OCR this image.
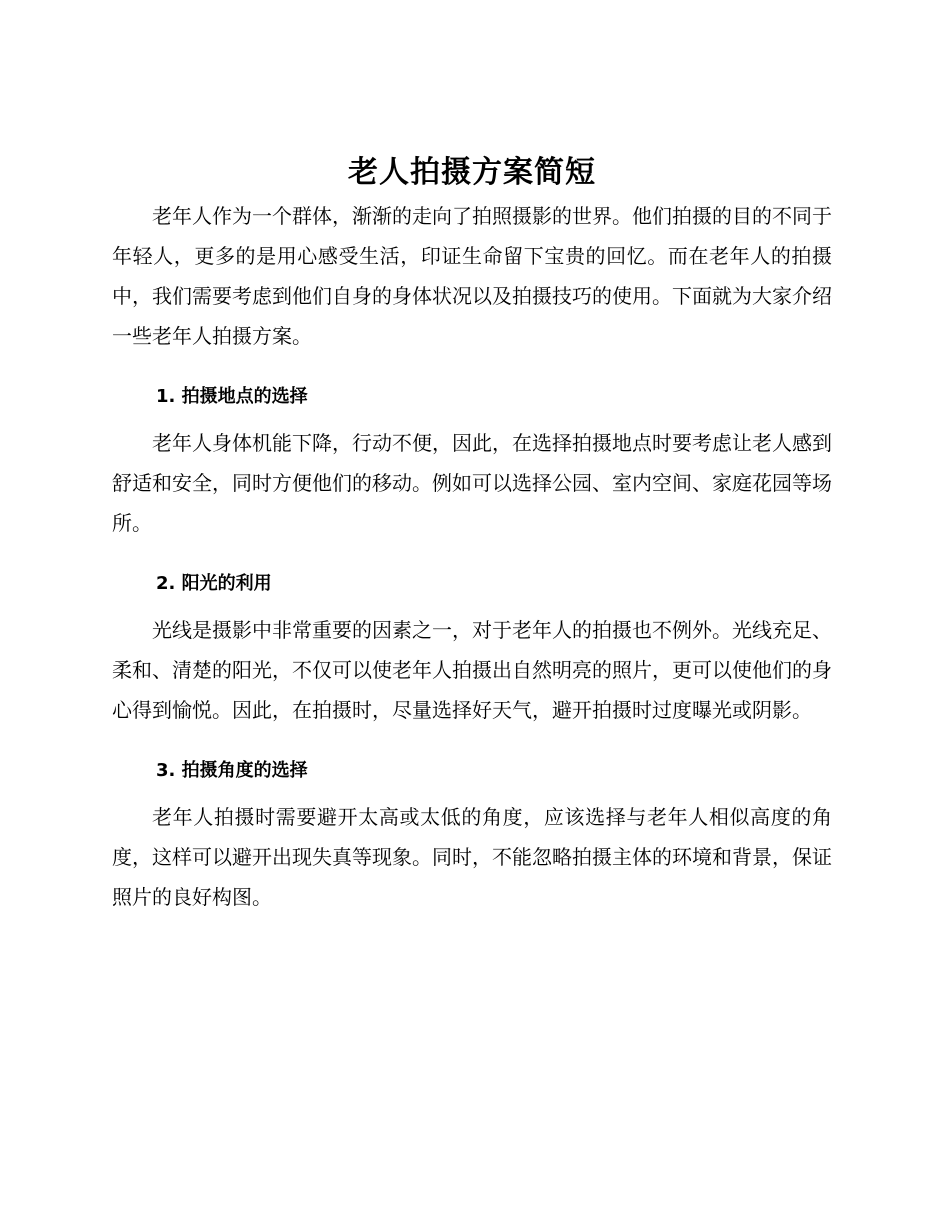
老人拍摄方案简短

老年人作为一个群体，渐渐的走向了拍照摄影的世界。他们拍摄的目的不同于年轻人，更多的是用心感受生活，印证生命留下宝贵的回忆。而在老年人的拍摄中，我们需要考虑到他们自身的身体状况以及拍摄技巧的使用。下面就为大家介绍一些老年人拍摄方案。

1. 拍摄地点的选择

老年人身体机能下降，行动不便，因此，在选择拍摄地点时要考虑让老人感到舒适和安全，同时方便他们的移动。例如可以选择公园、室内空间、家庭花园等场所。

2. 阳光的利用

光线是摄影中非常重要的因素之一，对于老年人的拍摄也不例外。光线充足、柔和、清楚的阳光，不仅可以使老年人拍摄出自然明亮的照片，更可以使他们的身心得到愉悦。因此，在拍摄时，尽量选择好天气，避开拍摄时过度曝光或阴影。

3. 拍摄角度的选择

老年人拍摄时需要避开太高或太低的角度，应该选择与老年人相似高度的角度，这样可以避开出现失真等现象。同时，不能忽略拍摄主体的环境和背景，保证照片的良好构图。
